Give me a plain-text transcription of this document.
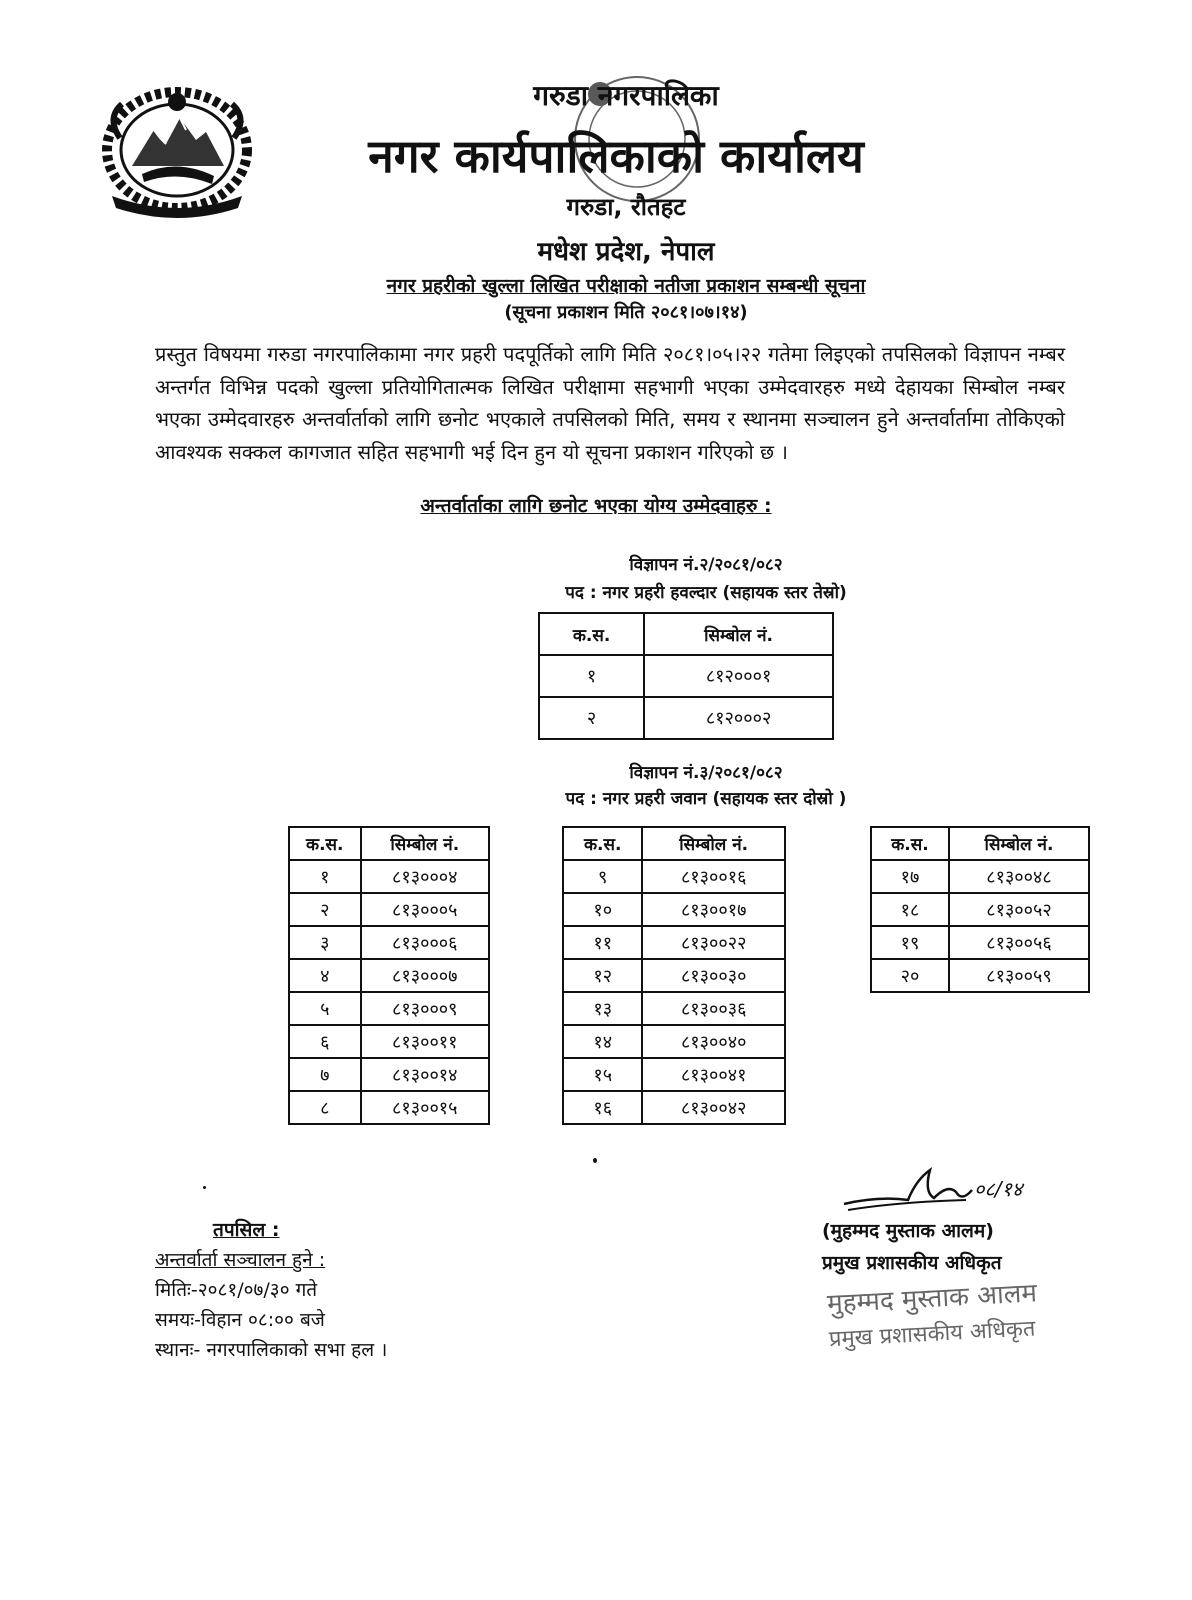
गरुडा नगरपालिका

नगर कार्यपालिकाको कार्यालय

गरुडा, रौतहट

मधेश प्रदेश, नेपाल

नगर प्रहरीको खुल्ला लिखित परीक्षाको नतीजा प्रकाशन सम्बन्धी सूचना

(सूचना प्रकाशन मिति २०८१।०७।१४)

प्रस्तुत विषयमा गरुडा नगरपालिकामा नगर प्रहरी पदपूर्तिको लागि मिति २०८१।०५।२२ गतेमा लिइएको तपसिलको विज्ञापन नम्बर अन्तर्गत विभिन्न पदको खुल्ला प्रतियोगितात्मक लिखित परीक्षामा सहभागी भएका उम्मेदवारहरु मध्ये देहायका सिम्बोल नम्बर भएका उम्मेदवारहरु अन्तर्वार्ताको लागि छनोट भएकाले तपसिलको मिति, समय र स्थानमा सञ्चालन हुने अन्तर्वार्तामा तोकिएको आवश्यक सक्कल कागजात सहित सहभागी भई दिन हुन यो सूचना प्रकाशन गरिएको छ ।

अन्तर्वार्ताका लागि छनोट भएका योग्य उम्मेदवाहरु :

विज्ञापन नं.२/२०८१/०८२

पद : नगर प्रहरी हवल्दार (सहायक स्तर तेस्रो)

क.स.	सिम्बोल नं.
१	८१२०००१
२	८१२०००२

विज्ञापन नं.३/२०८१/०८२

पद : नगर प्रहरी जवान (सहायक स्तर दोस्रो )

क.स.	सिम्बोल नं.
१	८१३०००४
२	८१३०००५
३	८१३०००६
४	८१३०००७
५	८१३०००९
६	८१३००११
७	८१३००१४
८	८१३००१५
क.स.	सिम्बोल नं.
९	८१३००१६
१०	८१३००१७
११	८१३००२२
१२	८१३००३०
१३	८१३००३६
१४	८१३००४०
१५	८१३००४१
१६	८१३००४२
क.स.	सिम्बोल नं.
१७	८१३००४८
१८	८१३००५२
१९	८१३००५६
२०	८१३००५९
तपसिल :
अन्तर्वार्ता सञ्चालन हुने :
मितिः-२०८१/०७/३० गते
समयः-विहान ०८:०० बजे
स्थानः- नगरपालिकाको सभा हल ।
०८/१४
(मुहम्मद मुस्ताक आलम)
प्रमुख प्रशासकीय अधिकृत
मुहम्मद मुस्ताक आलम
प्रमुख प्रशासकीय अधिकृत
